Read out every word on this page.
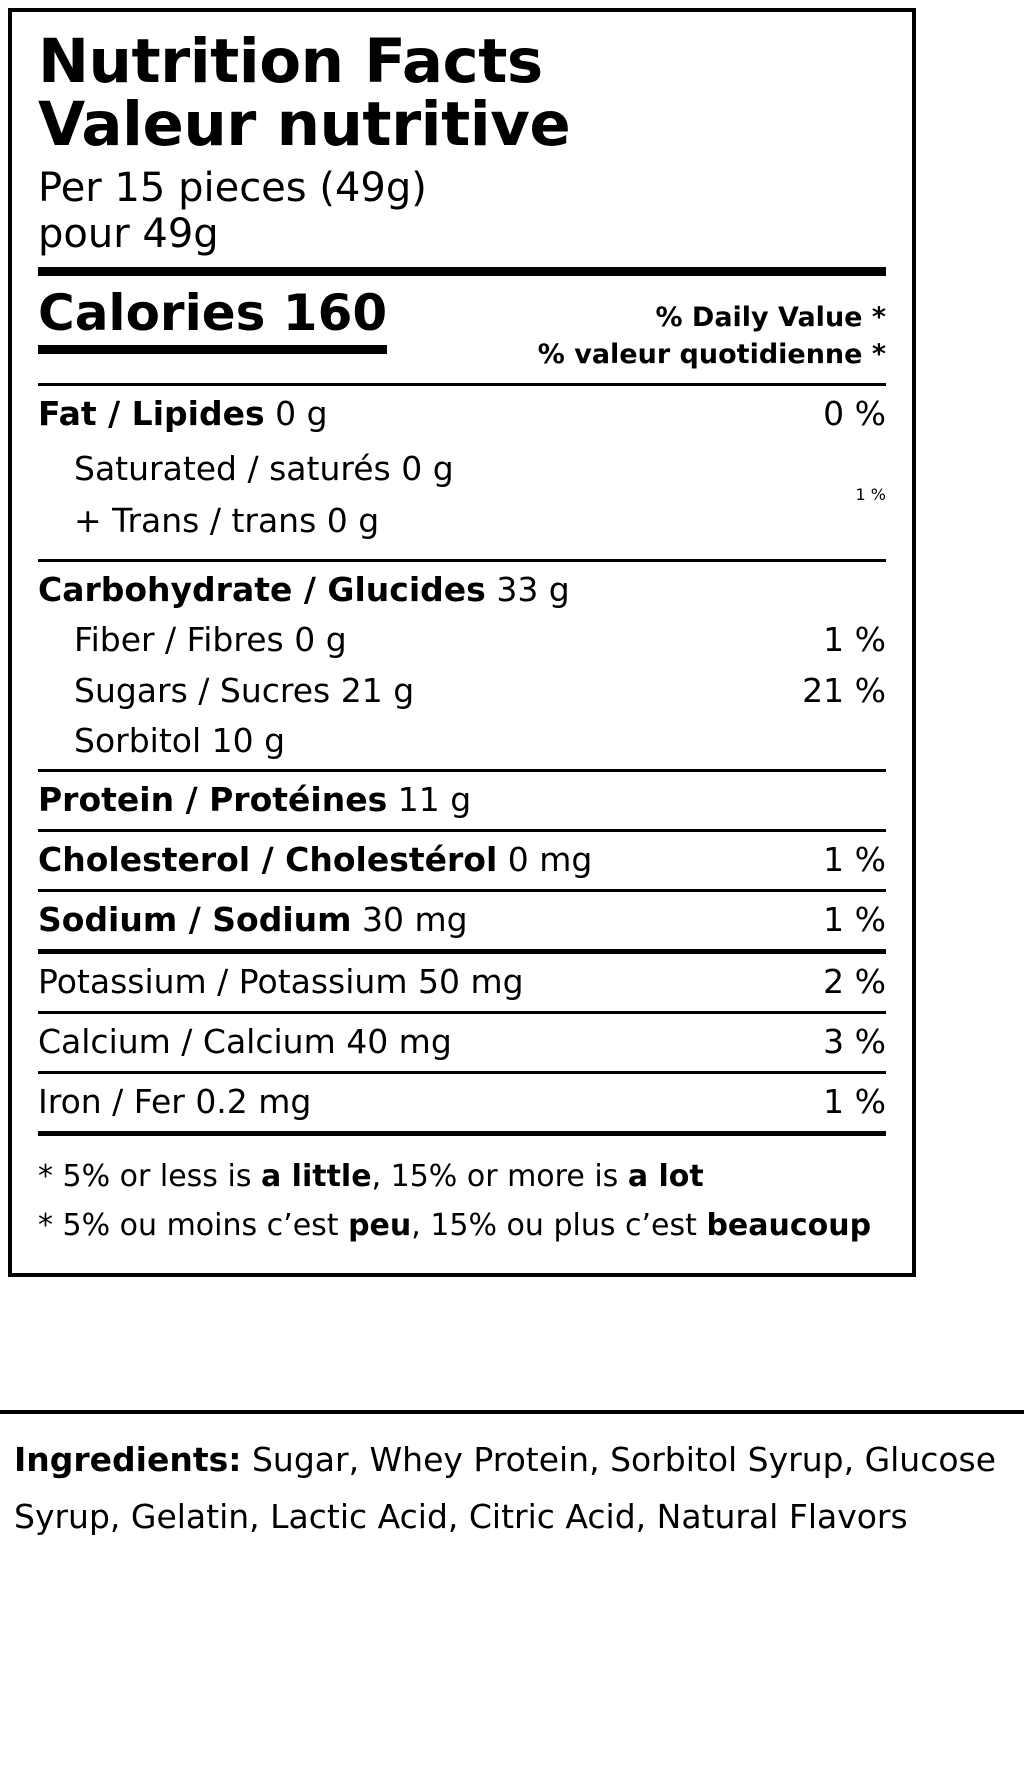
Nutrition Facts
Valeur nutritive
Per 15 pieces (49g)
pour 49g
Calories 160	% Daily Value *
% valeur quotidienne *
Fat / Lipides 0 g	0 %
Saturated / saturés 0 g
+ Trans / trans 0 g
1 %
Carbohydrate / Glucides 33 g
Fiber / Fibres 0 g	1 %
Sugars / Sucres 21 g	21 %
Sorbitol 10 g
Protein / Protéines 11 g
Cholesterol / Cholestérol 0 mg	1 %
Sodium / Sodium 30 mg	1 %
Potassium / Potassium 50 mg	2 %
Calcium / Calcium 40 mg	3 %
Iron / Fer 0.2 mg	1 %
* 5% or less is a little, 15% or more is a lot
* 5% ou moins c’est peu, 15% ou plus c’est beaucoup
Ingredients: Sugar, Whey Protein, Sorbitol Syrup, Glucose Syrup, Gelatin, Lactic Acid, Citric Acid, Natural Flavors
